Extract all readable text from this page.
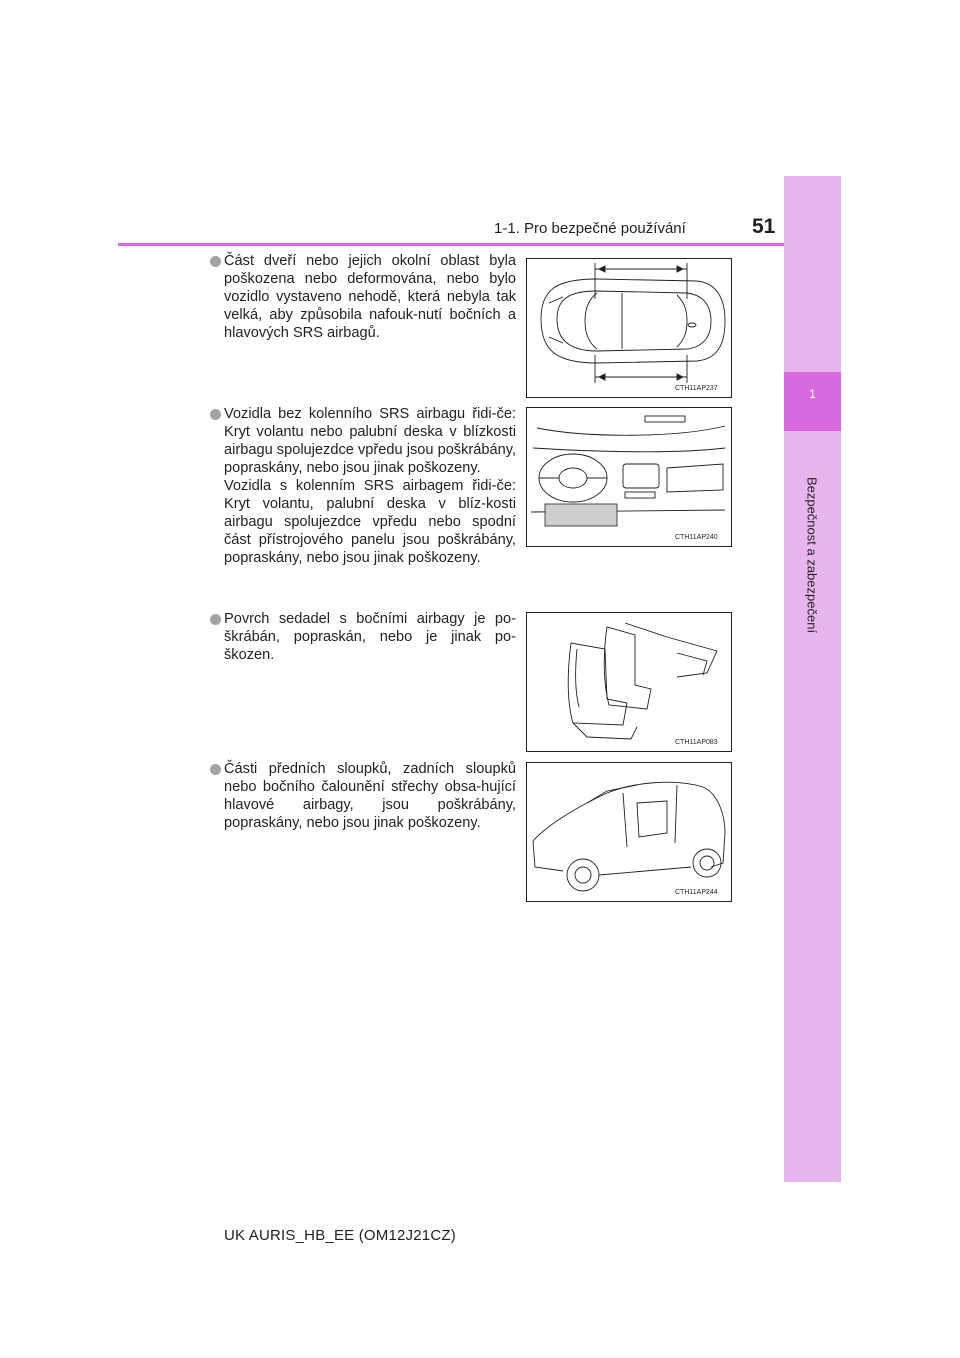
1
Bezpečnost a zabezpečení
1-1. Pro bezpečné používání	51

Část dveří nebo jejich okolní oblast byla poškozena nebo deformována, nebo bylo vozidlo vystaveno nehodě, která nebyla tak velká, aby způsobila nafouk-nutí bočních a hlavových SRS airbagů.

CTH11AP237

Vozidla bez kolenního SRS airbagu řidi-če: Kryt volantu nebo palubní deska v blízkosti airbagu spolujezdce vpředu jsou poškrábány, popraskány, nebo jsou jinak poškozeny.

Vozidla s kolenním SRS airbagem řidi-če: Kryt volantu, palubní deska v blíz-kosti airbagu spolujezdce vpředu nebo spodní část přístrojového panelu jsou poškrábány, popraskány, nebo jsou jinak poškozeny.

CTH11AP240

Povrch sedadel s bočními airbagy je po-škrábán, popraskán, nebo je jinak po-škozen.

CTH11AP083

Části předních sloupků, zadních sloupků nebo bočního čalounění střechy obsa-hující hlavové airbagy, jsou poškrábány, popraskány, nebo jsou jinak poškozeny.

CTH11AP244
UK AURIS_HB_EE (OM12J21CZ)
